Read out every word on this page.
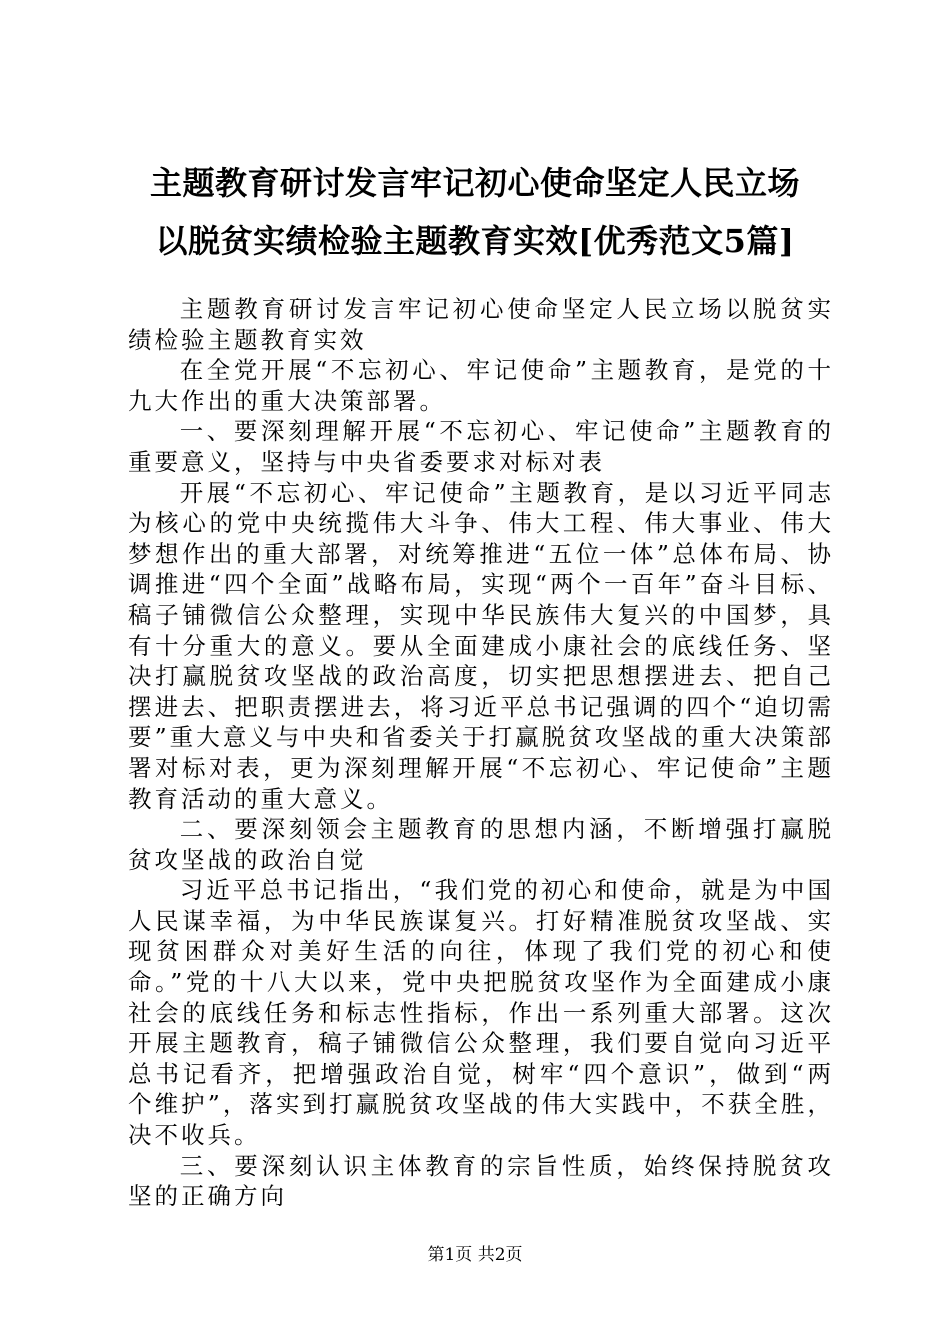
主题教育研讨发言牢记初心使命坚定人民立场
以脱贫实绩检验主题教育实效[优秀范文5篇]

主题教育研讨发言牢记初心使命坚定人民立场以脱贫实绩检验主题教育实效

在全党开展“不忘初心、牢记使命”主题教育，是党的十九大作出的重大决策部署。

一、要深刻理解开展“不忘初心、牢记使命”主题教育的重要意义，坚持与中央省委要求对标对表

开展“不忘初心、牢记使命”主题教育，是以习近平同志为核心的党中央统揽伟大斗争、伟大工程、伟大事业、伟大梦想作出的重大部署，对统筹推进“五位一体”总体布局、协调推进“四个全面”战略布局，实现“两个一百年”奋斗目标、稿子铺微信公众整理，实现中华民族伟大复兴的中国梦，具有十分重大的意义。要从全面建成小康社会的底线任务、坚决打赢脱贫攻坚战的政治高度，切实把思想摆进去、把自己摆进去、把职责摆进去，将习近平总书记强调的四个“迫切需要”重大意义与中央和省委关于打赢脱贫攻坚战的重大决策部署对标对表，更为深刻理解开展“不忘初心、牢记使命”主题教育活动的重大意义。

二、要深刻领会主题教育的思想内涵，不断增强打赢脱贫攻坚战的政治自觉

习近平总书记指出，“我们党的初心和使命，就是为中国人民谋幸福，为中华民族谋复兴。打好精准脱贫攻坚战、实现贫困群众对美好生活的向往，体现了我们党的初心和使命。”党的十八大以来，党中央把脱贫攻坚作为全面建成小康社会的底线任务和标志性指标，作出一系列重大部署。这次开展主题教育，稿子铺微信公众整理，我们要自觉向习近平总书记看齐，把增强政治自觉，树牢“四个意识”，做到“两个维护”，落实到打赢脱贫攻坚战的伟大实践中，不获全胜，决不收兵。

三、要深刻认识主体教育的宗旨性质，始终保持脱贫攻坚的正确方向

第1页 共2页
